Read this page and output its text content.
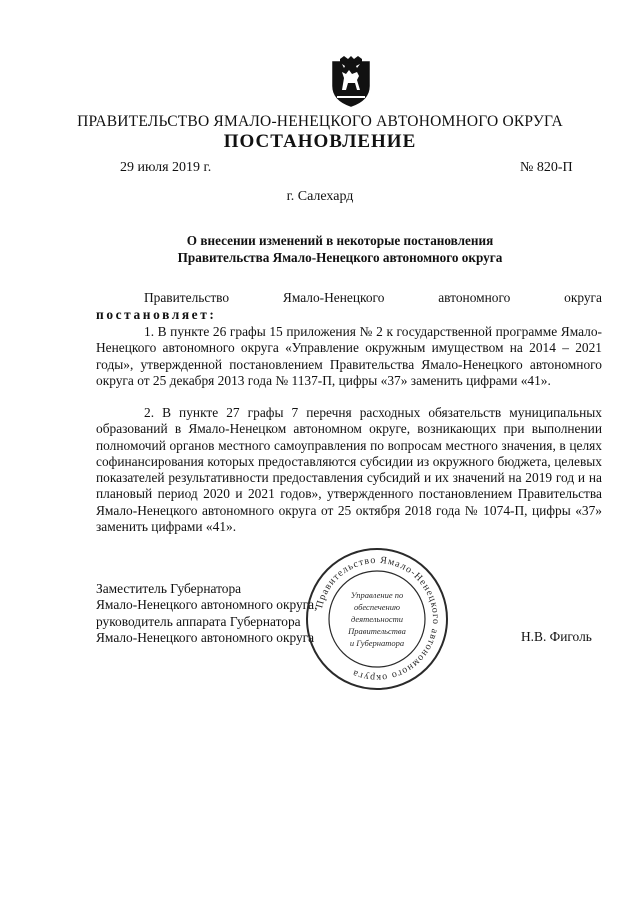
ПРАВИТЕЛЬСТВО ЯМАЛО-НЕНЕЦКОГО АВТОНОМНОГО ОКРУГА
ПОСТАНОВЛЕНИЕ
29 июля 2019 г.	№ 820-П
г. Салехард
О внесении изменений в некоторые постановления
Правительства Ямало-Ненецкого автономного округа
Правительство	Ямало-Ненецкого	автономного	округа
постановляет:

1. В пункте 26 графы 15 приложения № 2 к государственной программе Ямало-Ненецкого автономного округа «Управление окружным имуществом на 2014 – 2021 годы», утвержденной постановлением Правительства Ямало-Ненецкого автономного округа от 25 декабря 2013 года № 1137-П, цифры «37» заменить цифрами «41».

2. В пункте 27 графы 7 перечня расходных обязательств муниципальных образований в Ямало-Ненецком автономном округе, возникающих при выполнении полномочий органов местного самоуправления по вопросам местного значения, в целях софинансирования которых предоставляются субсидии из окружного бюджета, целевых показателей результативности предоставления субсидий и их значений на 2019 год и на плановый период 2020 и 2021 годов», утвержденного постановлением Правительства Ямало-Ненецкого автономного округа от 25 октября 2018 года № 1074-П, цифры «37» заменить цифрами «41».

Заместитель Губернатора
Ямало-Ненецкого автономного округа,
руководитель аппарата Губернатора
Ямало-Ненецкого автономного округа	Н.В. Фиголь
Правительство Ямало-Ненецкого автономного округа
Управление по
обеспечению
деятельности
Правительства
и Губернатора
